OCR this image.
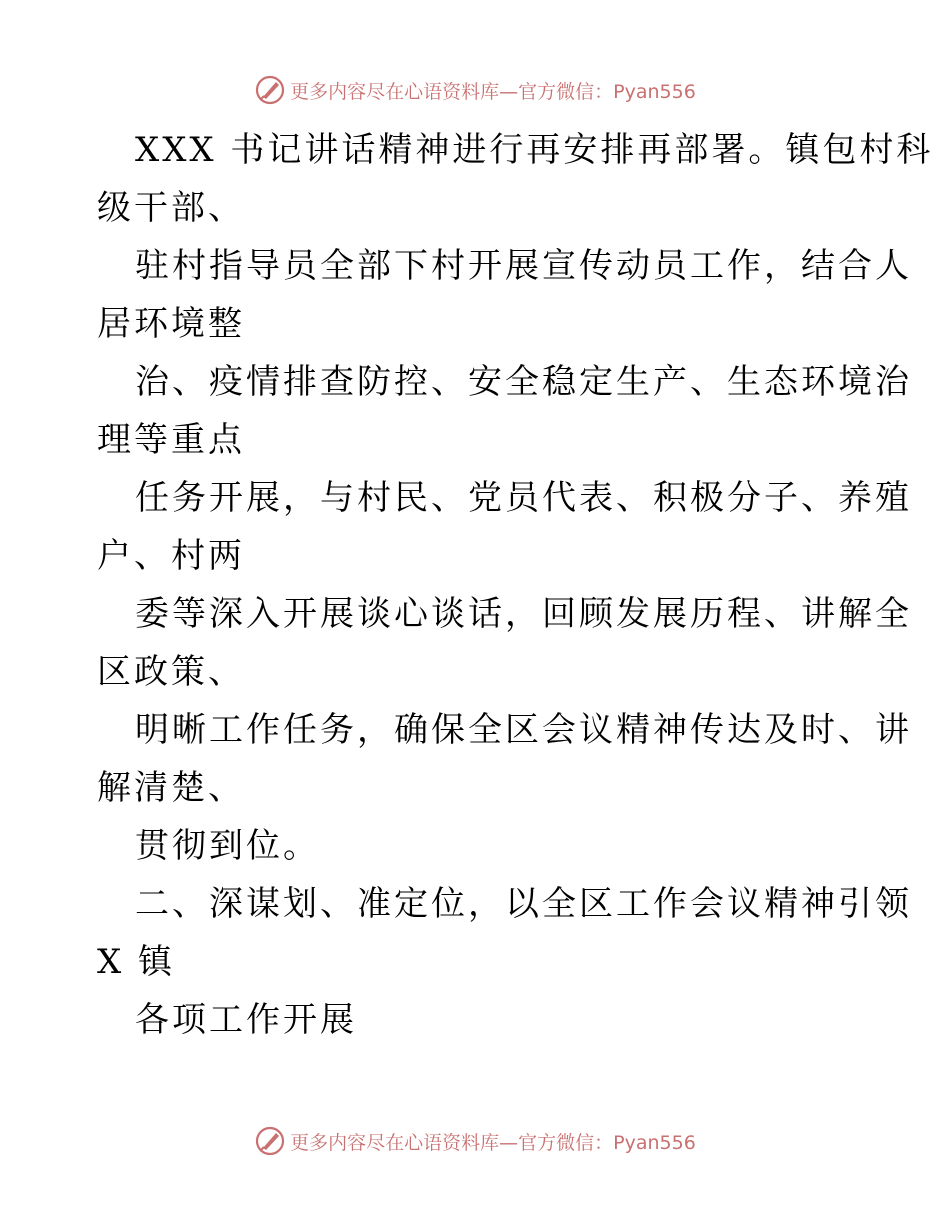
更多内容尽在心语资料库—官方微信：Pyan556
XXX 书记讲话精神进行再安排再部署。镇包村科
级干部、
驻村指导员全部下村开展宣传动员工作，结合人
居环境整
治、疫情排查防控、安全稳定生产、生态环境治
理等重点
任务开展，与村民、党员代表、积极分子、养殖
户、村两
委等深入开展谈心谈话，回顾发展历程、讲解全
区政策、
明晰工作任务，确保全区会议精神传达及时、讲
解清楚、
贯彻到位。
二、深谋划、准定位，以全区工作会议精神引领
X 镇
各项工作开展
更多内容尽在心语资料库—官方微信：Pyan556
